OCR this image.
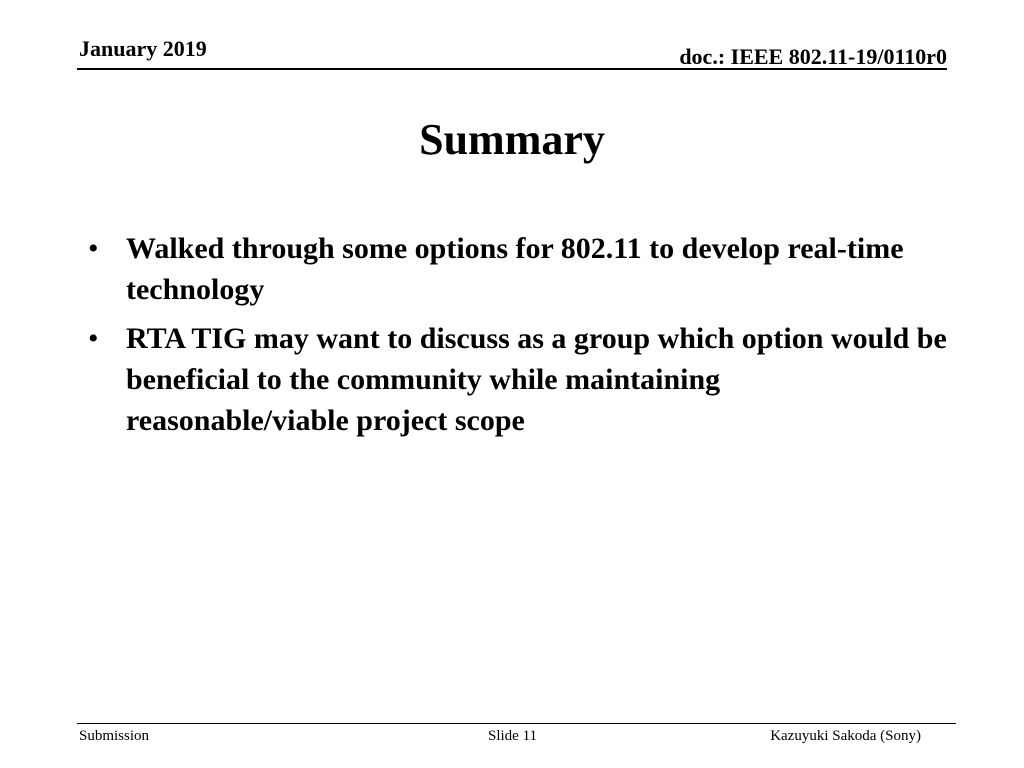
January 2019	doc.: IEEE 802.11-19/0110r0
Summary
• Walked through some options for 802.11 to develop real-time technology
• RTA TIG may want to discuss as a group which option would be beneficial to the community while maintaining reasonable/viable project scope
Submission	Slide 11	Kazuyuki Sakoda (Sony)
